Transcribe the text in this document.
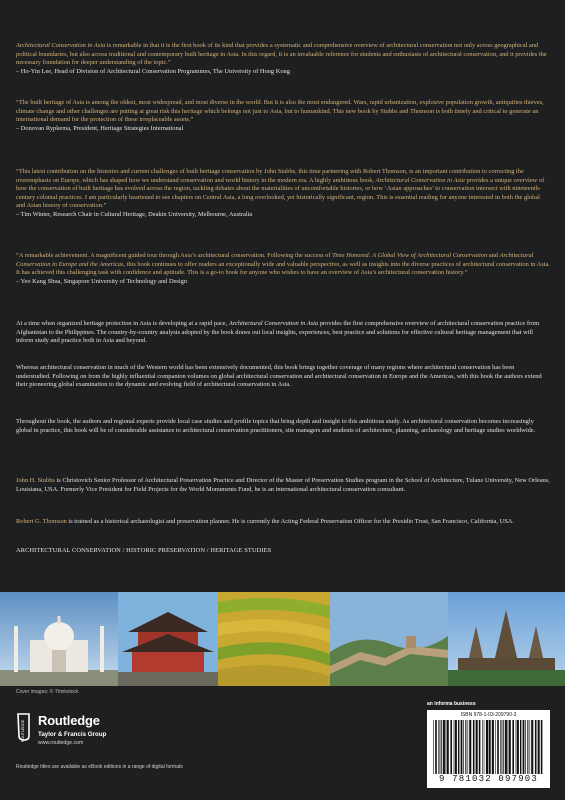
Architectural Conservation in Asia is remarkable in that it is the first book of its kind that provides a systematic and comprehensive overview of architectural conservation not only across geographical and political boundaries, but also across traditional and contemporary built heritage in Asia. In this regard, it is an invaluable reference for students and enthusiasts of architectural conservation, and it provides the necessary foundation for deeper understanding of the topic.”
– Ho-Yin Lee, Head of Division of Architectural Conservation Programmes, The University of Hong Kong
“The built heritage of Asia is among the oldest, most widespread, and most diverse in the world. But it is also the most endangered. Wars, rapid urbanization, explosive population growth, antiquities thieves, climate change and other challenges are putting at great risk this heritage which belongs not just to Asia, but to humankind. This new book by Stubbs and Thomson is both timely and critical to generate an international demand for the protection of these irreplaceable assets.”
– Donovan Rypkema, President, Heritage Strategies International
“This latest contribution on the histories and current challenges of built heritage conservation by John Stubbs, this time partnering with Robert Thomson, is an important contribution to correcting the overemphasis on Europe, which has shaped how we understand conservation and world history in the modern era. A highly ambitious book, Architectural Conservation in Asia provides a unique overview of how the conservation of built heritage has evolved across the region, tackling debates about the materialities of uncomfortable histories, or how ‘Asian approaches’ to conservation intersect with nineteenth-century colonial practices. I am particularly heartened to see chapters on Central Asia, a long overlooked, yet historically significant, region. This is essential reading for anyone interested in both the global and Asian history of conservation.”
– Tim Winter, Research Chair in Cultural Heritage, Deakin University, Melbourne, Australia
“A remarkable achievement. A magnificent guided tour through Asia’s architectural conservation. Following the success of Time Honored: A Global View of Architectural Conservation and Architectural Conservation in Europe and the Americas, this book continues to offer readers an exceptionally wide and valuable perspective, as well as insights into the diverse practices of architectural conservation in Asia. It has achieved this challenging task with confidence and aptitude. This is a go-to book for anyone who wishes to have an overview of Asia’s architectural conservation history.”
– Yeo Kang Shua, Singapore University of Technology and Design
At a time when organized heritage protection in Asia is developing at a rapid pace, Architectural Conservation in Asia provides the first comprehensive overview of architectural conservation practice from Afghanistan to the Philippines. The country-by-country analysis adopted by the book draws out local insights, experiences, best practice and solutions for effective cultural heritage management that will inform study and practice both in Asia and beyond.
Whereas architectural conservation in much of the Western world has been extensively documented, this book brings together coverage of many regions where architectural conservation has been understudied. Following on from the highly influential companion volumes on global architectural conservation and architectural conservation in Europe and the Americas, with this book the authors extend their pioneering global examination to the dynamic and evolving field of architectural conservation in Asia.
Throughout the book, the authors and regional experts provide local case studies and profile topics that bring depth and insight to this ambitious study. As architectural conservation becomes increasingly global in practice, this book will be of considerable assistance to architectural conservation practitioners, site managers and students of architecture, planning, archaeology and heritage studies worldwide.
John H. Stubbs is Christovich Senior Professor of Architectural Preservation Practice and Director of the Master of Preservation Studies program in the School of Architecture, Tulane University, New Orleans, Louisiana, USA. Formerly Vice President for Field Projects for the World Monuments Fund, he is an international architectural conservation consultant.
Robert G. Thomson is trained as a historical archaeologist and preservation planner. He is currently the Acting Federal Preservation Officer for the Presidio Trust, San Francisco, California, USA.
ARCHITECTURAL CONSERVATION / HISTORIC PRESERVATION / HERITAGE STUDIES
Cover images: © Thinkstock
ROUTLEDGE Routledge
Taylor & Francis Group
www.routledge.com
Routledge titles are available as eBook editions in a range of digital formats
an informa business
ISBN 978-1-03-209790-3
9 781032 097903
